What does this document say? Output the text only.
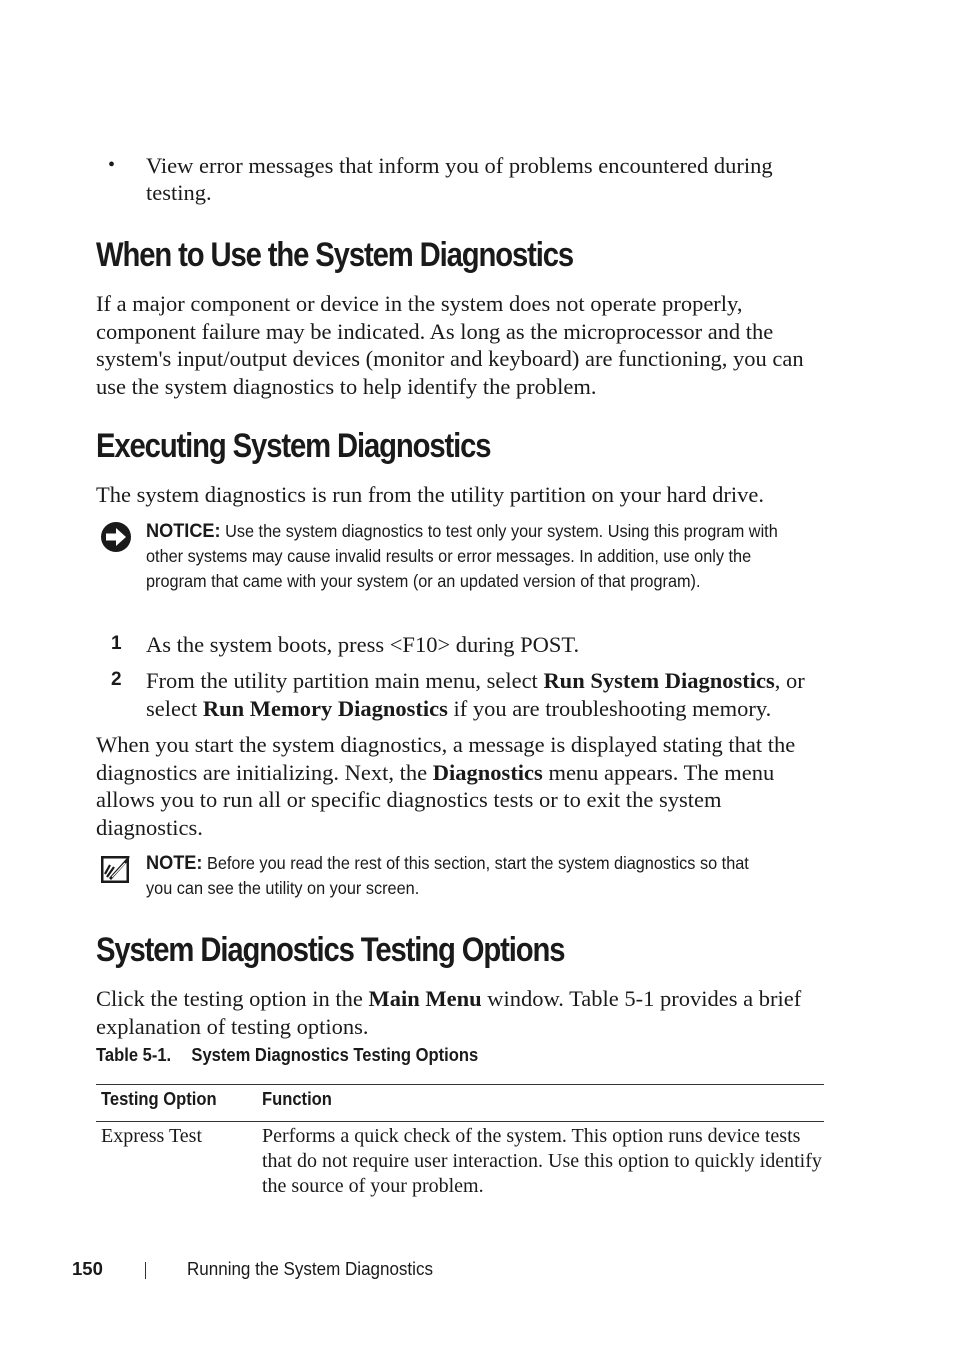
• View error messages that inform you of problems encountered during testing.
When to Use the System Diagnostics

If a major component or device in the system does not operate properly, component failure may be indicated. As long as the microprocessor and the system's input/output devices (monitor and keyboard) are functioning, you can use the system diagnostics to help identify the problem.

Executing System Diagnostics

The system diagnostics is run from the utility partition on your hard drive.

NOTICE: Use the system diagnostics to test only your system. Using this program with other systems may cause invalid results or error messages. In addition, use only the program that came with your system (or an updated version of that program).
1 As the system boots, press <F10> during POST.
2 From the utility partition main menu, select Run System Diagnostics, or select Run Memory Diagnostics if you are troubleshooting memory.

When you start the system diagnostics, a message is displayed stating that the diagnostics are initializing. Next, the Diagnostics menu appears. The menu allows you to run all or specific diagnostics tests or to exit the system diagnostics.

NOTE: Before you read the rest of this section, start the system diagnostics so that you can see the utility on your screen.
System Diagnostics Testing Options

Click the testing option in the Main Menu window. Table 5-1 provides a brief explanation of testing options.

Table 5-1. System Diagnostics Testing Options
Testing Option	Function
Express Test	Performs a quick check of the system. This option runs device tests that do not require user interaction. Use this option to quickly identify the source of your problem.
150	Running the System Diagnostics
